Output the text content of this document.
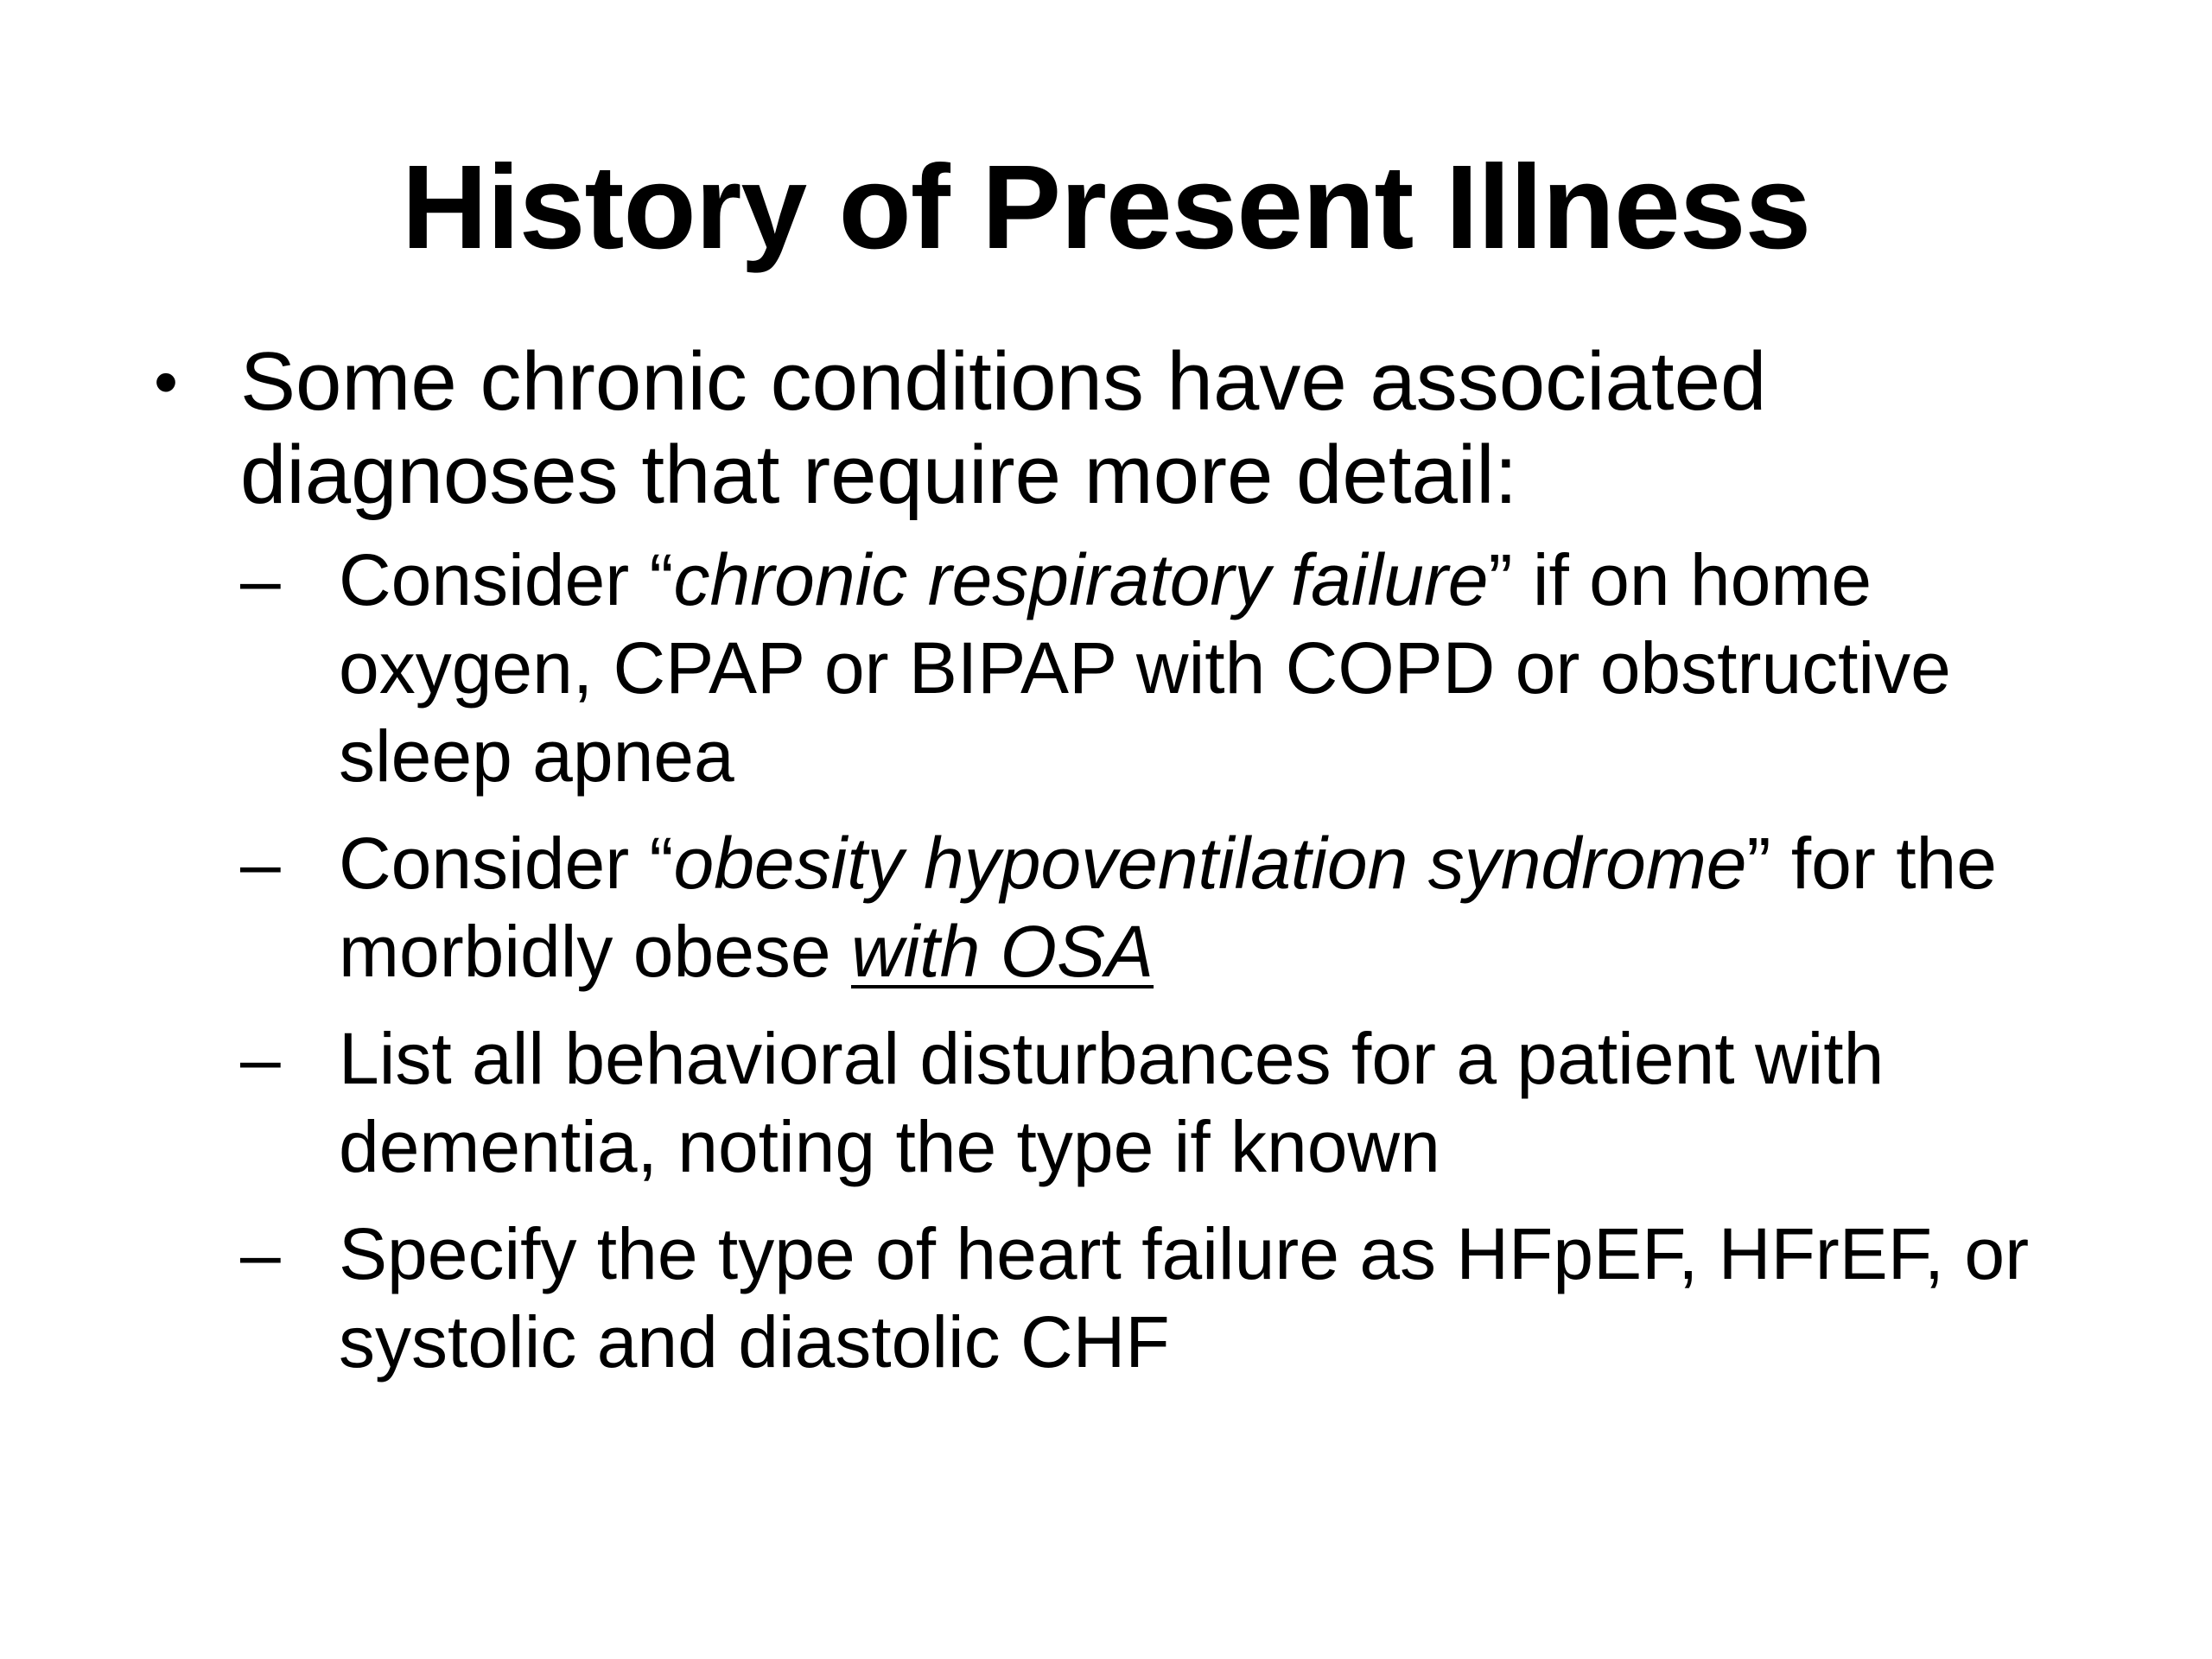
History of Present Illness
• Some chronic conditions have associated diagnoses that require more detail:
– Consider “chronic respiratory failure” if on home oxygen, CPAP or BIPAP with COPD or obstructive sleep apnea
– Consider “obesity hypoventilation syndrome” for the morbidly obese with OSA
– List all behavioral disturbances for a patient with dementia, noting the type if known
– Specify the type of heart failure as HFpEF, HFrEF, or systolic and diastolic CHF
